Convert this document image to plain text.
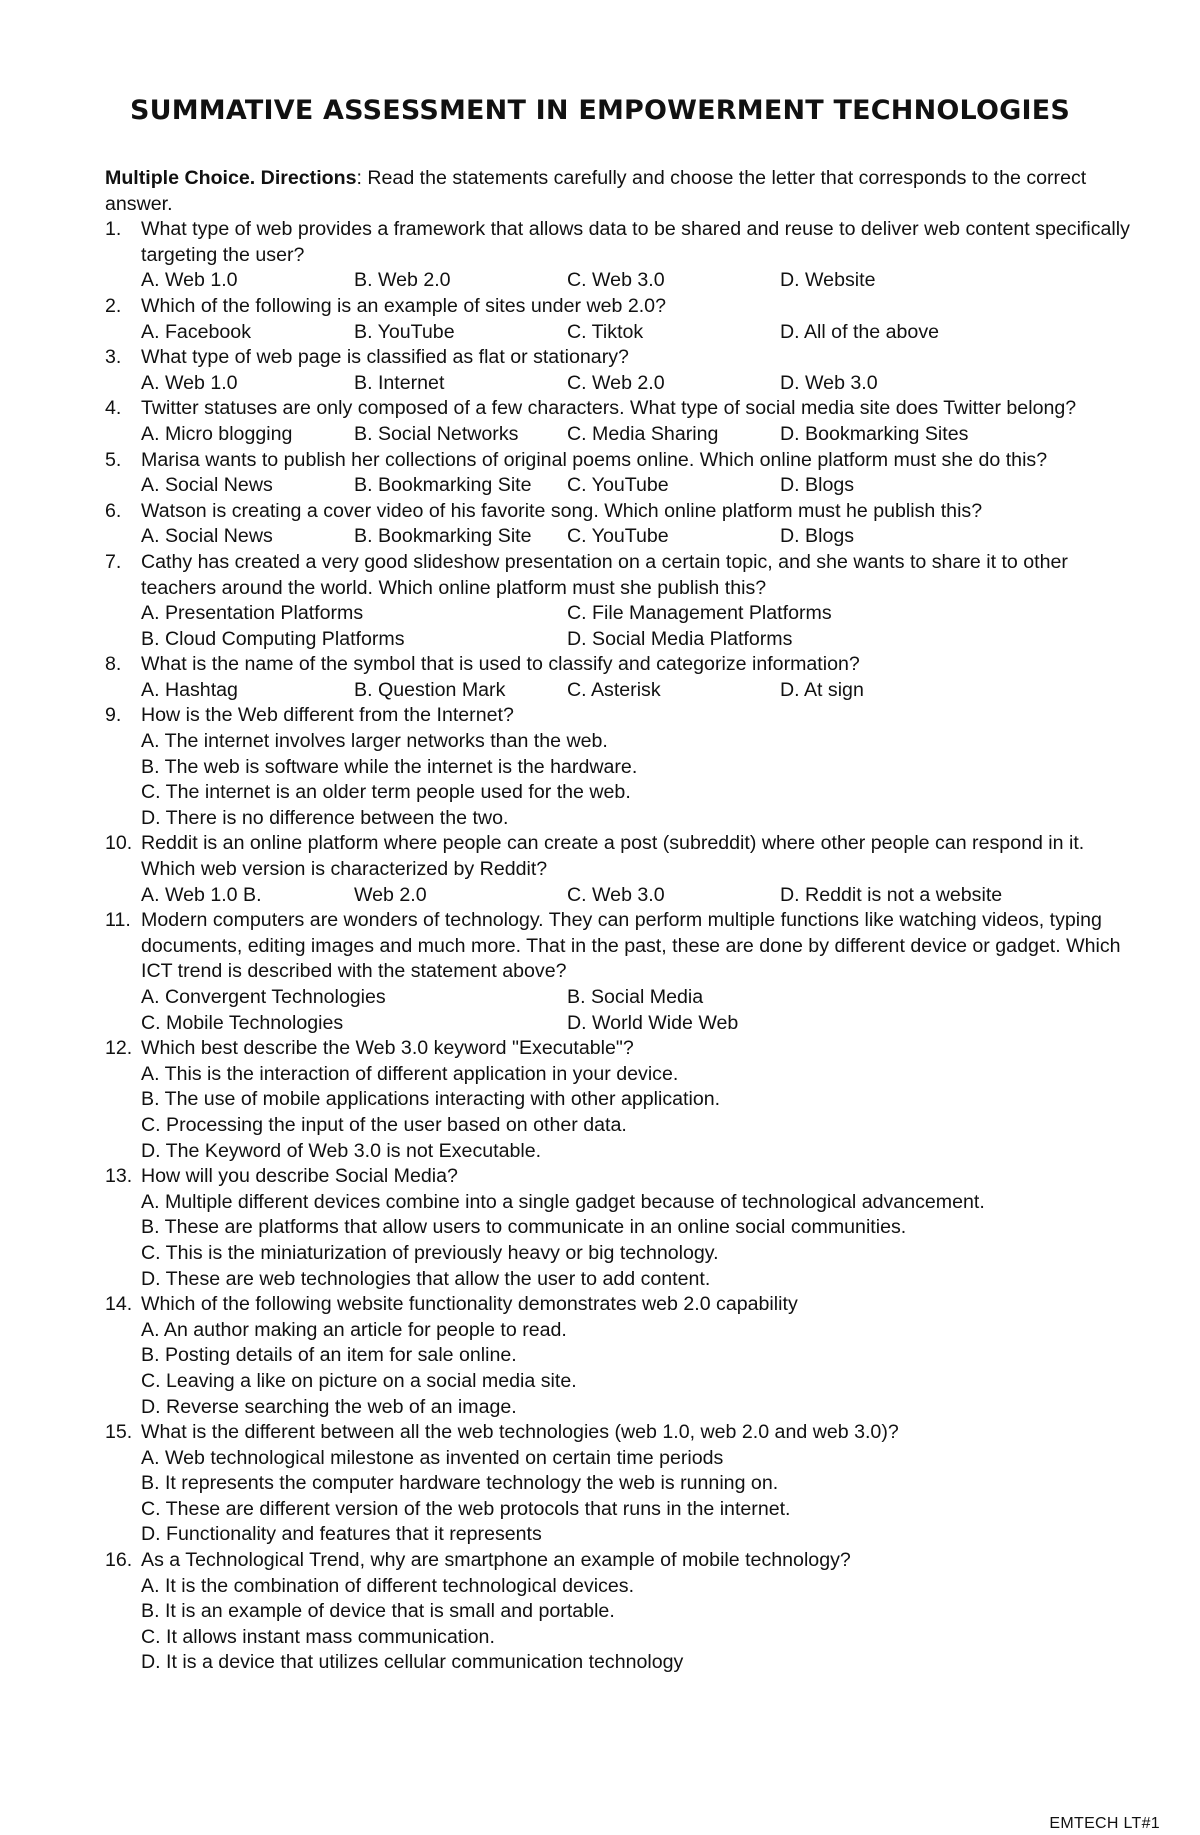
SUMMATIVE ASSESSMENT IN EMPOWERMENT TECHNOLOGIES

Multiple Choice. Directions: Read the statements carefully and choose the letter that corresponds to the correct answer.

1.	What type of web provides a framework that allows data to be shared and reuse to deliver web content specifically targeting the user?
A. Web 1.0	B. Web 2.0	C. Web 3.0	D. Website
2.	Which of the following is an example of sites under web 2.0?
A. Facebook	B. YouTube	C. Tiktok	D. All of the above
3.	What type of web page is classified as flat or stationary?
A. Web 1.0	B. Internet	C. Web 2.0	D. Web 3.0
4.	Twitter statuses are only composed of a few characters. What type of social media site does Twitter belong?
A. Micro blogging	B. Social Networks	C. Media Sharing	D. Bookmarking Sites
5.	Marisa wants to publish her collections of original poems online. Which online platform must she do this?
A. Social News	B. Bookmarking Site	C. YouTube	D. Blogs
6.	Watson is creating a cover video of his favorite song. Which online platform must he publish this?
A. Social News	B. Bookmarking Site	C. YouTube	D. Blogs
7.	Cathy has created a very good slideshow presentation on a certain topic, and she wants to share it to other teachers around the world. Which online platform must she publish this?
A. Presentation Platforms	C. File Management Platforms
B. Cloud Computing Platforms	D. Social Media Platforms
8.	What is the name of the symbol that is used to classify and categorize information?
A. Hashtag	B. Question Mark	C. Asterisk	D. At sign
9.	How is the Web different from the Internet?
A. The internet involves larger networks than the web.
B. The web is software while the internet is the hardware.
C. The internet is an older term people used for the web.
D. There is no difference between the two.
10. Reddit is an online platform where people can create a post (subreddit) where other people can respond in it. Which web version is characterized by Reddit?
A. Web 1.0 B.	Web 2.0	C. Web 3.0	D. Reddit is not a website
11. Modern computers are wonders of technology. They can perform multiple functions like watching videos, typing documents, editing images and much more. That in the past, these are done by different device or gadget. Which ICT trend is described with the statement above?
A. Convergent Technologies	B. Social Media
C. Mobile Technologies	D. World Wide Web
12. Which best describe the Web 3.0 keyword "Executable"?
A. This is the interaction of different application in your device.
B. The use of mobile applications interacting with other application.
C. Processing the input of the user based on other data.
D. The Keyword of Web 3.0 is not Executable.
13. How will you describe Social Media?
A. Multiple different devices combine into a single gadget because of technological advancement.
B. These are platforms that allow users to communicate in an online social communities.
C. This is the miniaturization of previously heavy or big technology.
D. These are web technologies that allow the user to add content.
14. Which of the following website functionality demonstrates web 2.0 capability
A. An author making an article for people to read.
B. Posting details of an item for sale online.
C. Leaving a like on picture on a social media site.
D. Reverse searching the web of an image.
15. What is the different between all the web technologies (web 1.0, web 2.0 and web 3.0)?
A. Web technological milestone as invented on certain time periods
B. It represents the computer hardware technology the web is running on.
C. These are different version of the web protocols that runs in the internet.
D. Functionality and features that it represents
16. As a Technological Trend, why are smartphone an example of mobile technology?
A. It is the combination of different technological devices.
B. It is an example of device that is small and portable.
C. It allows instant mass communication.
D. It is a device that utilizes cellular communication technology
EMTECH LT#1
